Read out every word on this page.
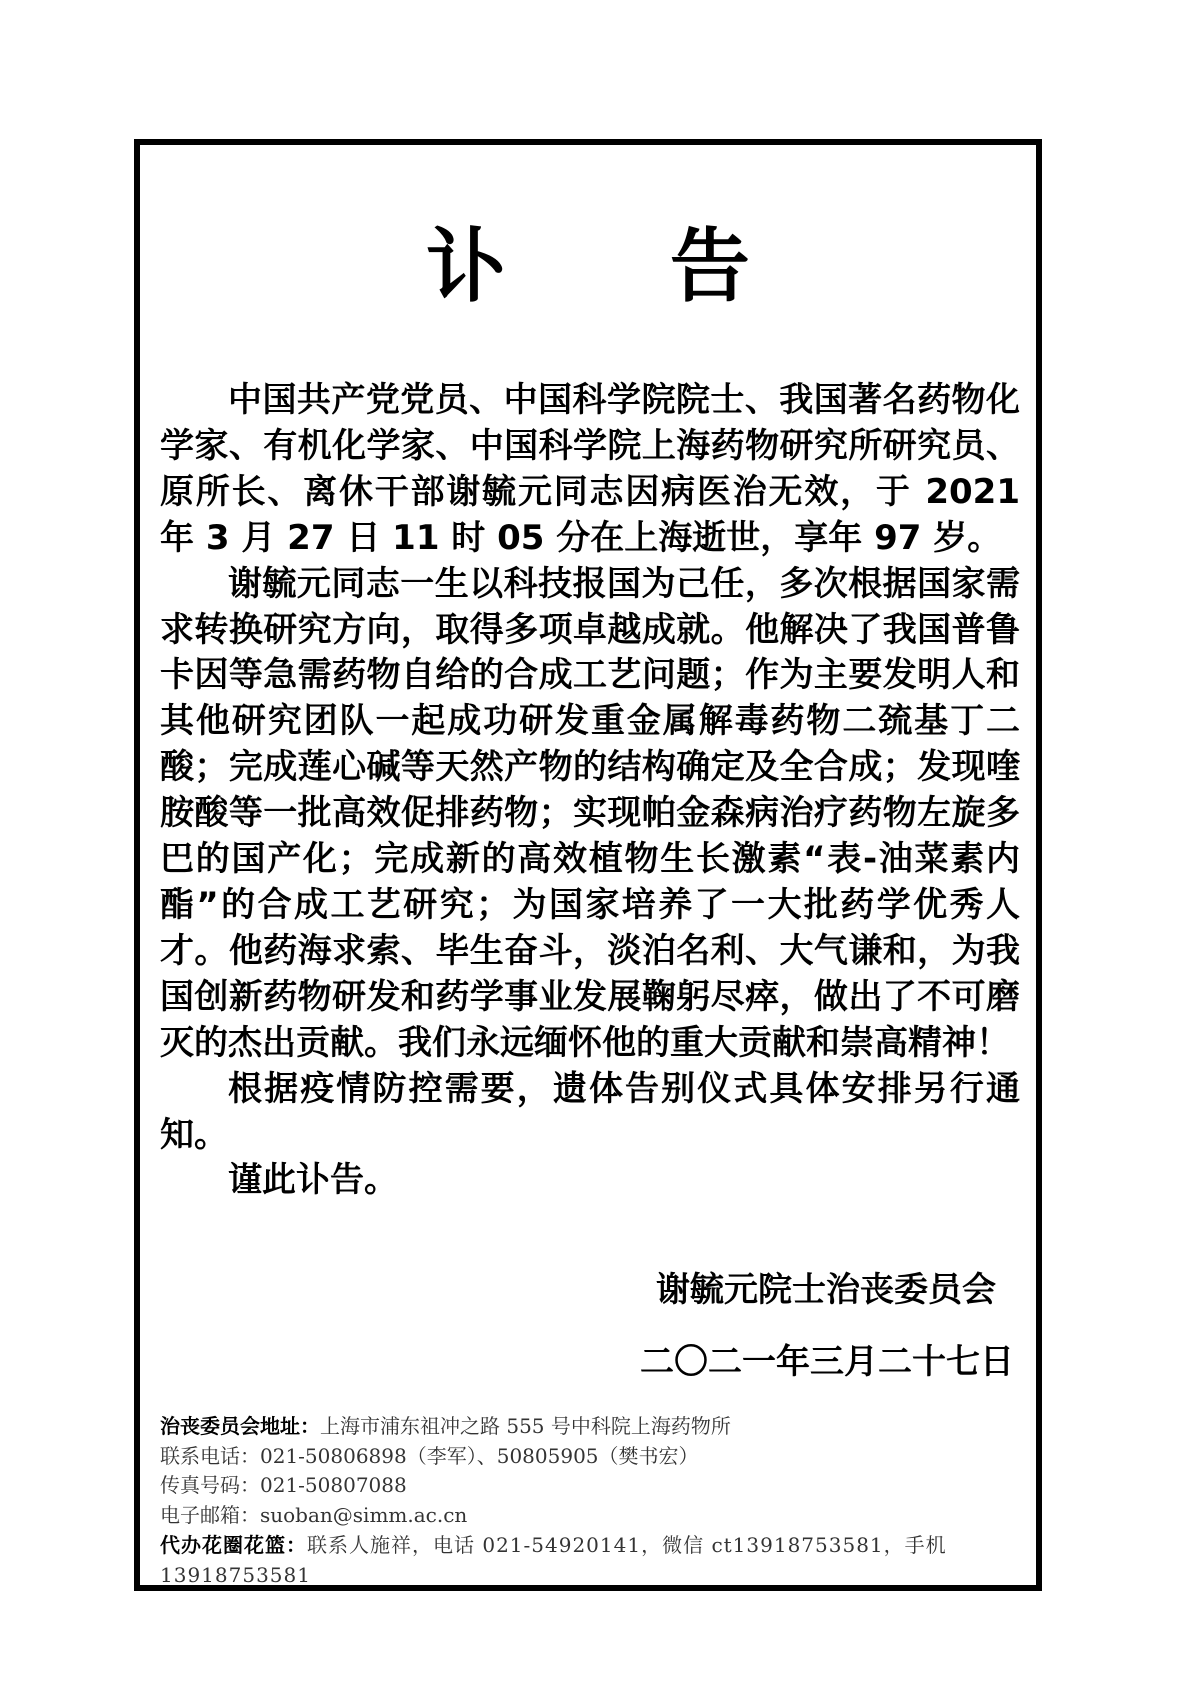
讣 告

中国共产党党员、中国科学院院士、我国著名药物化学家、有机化学家、中国科学院上海药物研究所研究员、原所长、离休干部谢毓元同志因病医治无效，于 2021 年 3 月 27 日 11 时 05 分在上海逝世，享年 97 岁。

谢毓元同志一生以科技报国为己任，多次根据国家需求转换研究方向，取得多项卓越成就。他解决了我国普鲁卡因等急需药物自给的合成工艺问题；作为主要发明人和其他研究团队一起成功研发重金属解毒药物二巯基丁二酸；完成莲心碱等天然产物的结构确定及全合成；发现喹胺酸等一批高效促排药物；实现帕金森病治疗药物左旋多巴的国产化；完成新的高效植物生长激素“表-油菜素内酯”的合成工艺研究；为国家培养了一大批药学优秀人才。他药海求索、毕生奋斗，淡泊名利、大气谦和，为我国创新药物研发和药学事业发展鞠躬尽瘁，做出了不可磨灭的杰出贡献。我们永远缅怀他的重大贡献和崇高精神！

根据疫情防控需要，遗体告别仪式具体安排另行通知。

谨此讣告。

谢毓元院士治丧委员会
二〇二一年三月二十七日
治丧委员会地址：上海市浦东祖冲之路 555 号中科院上海药物所
联系电话：021-50806898（李军）、50805905（樊书宏）
传真号码：021-50807088
电子邮箱：suoban@simm.ac.cn
代办花圈花篮：联系人施祥，电话 021-54920141，微信 ct13918753581，手机 13918753581
